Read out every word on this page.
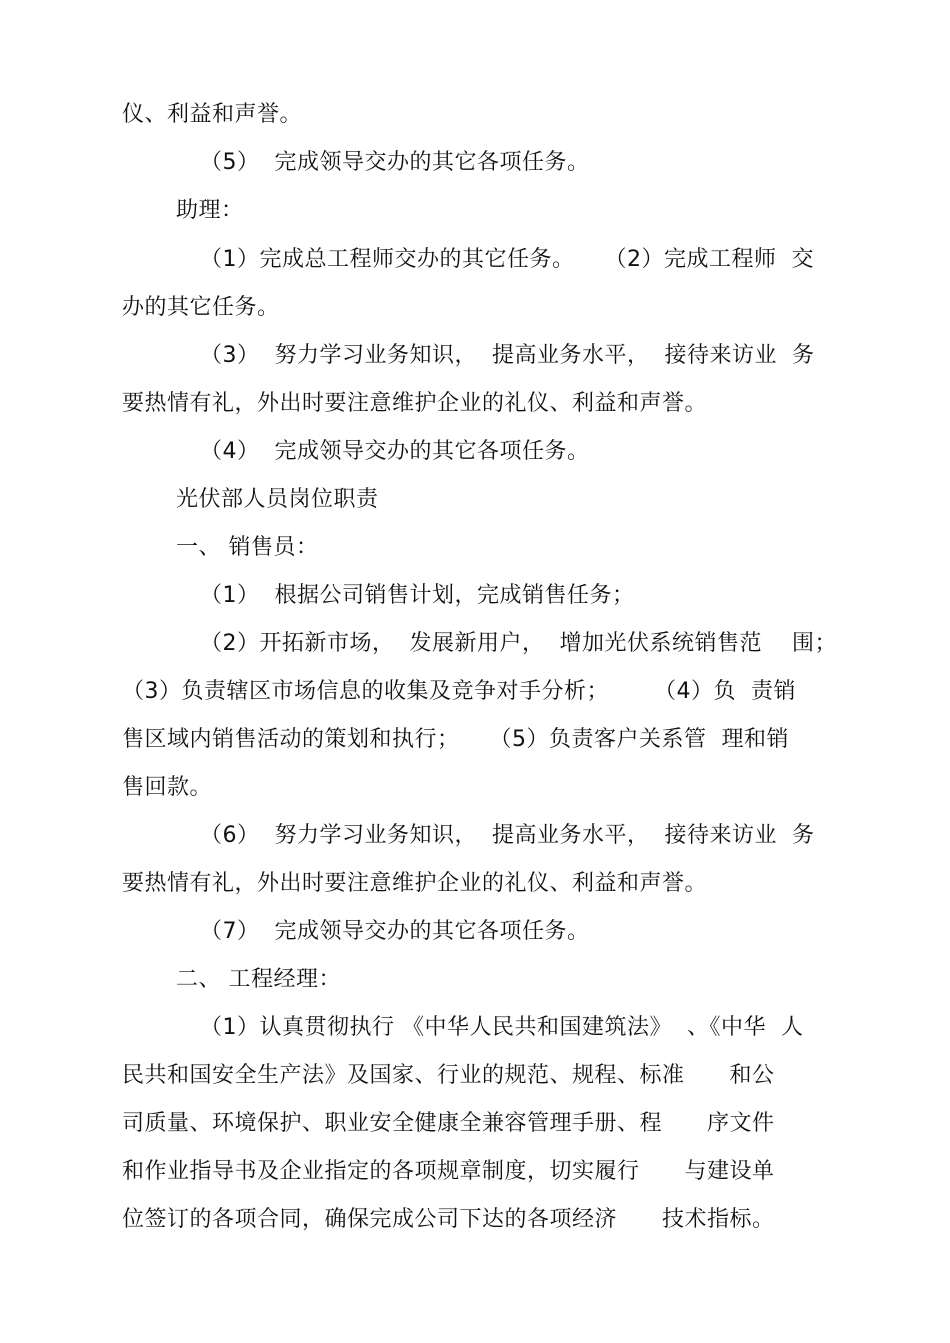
仪、利益和声誉。
（5）  完成领导交办的其它各项任务。
助理：
（1）完成总工程师交办的其它任务。    （2）完成工程师  交
办的其它任务。
（3）  努力学习业务知识，  提高业务水平，  接待来访业  务
要热情有礼，外出时要注意维护企业的礼仪、利益和声誉。
（4）  完成领导交办的其它各项任务。
光伏部人员岗位职责
一、 销售员：
（1）  根据公司销售计划，完成销售任务；
（2）开拓新市场，  发展新用户，  增加光伏系统销售范    围；
（3）负责辖区市场信息的收集及竞争对手分析；      （4）负  责销
售区域内销售活动的策划和执行；    （5）负责客户关系管  理和销
售回款。
（6）  努力学习业务知识，  提高业务水平，  接待来访业  务
要热情有礼，外出时要注意维护企业的礼仪、利益和声誉。
（7）  完成领导交办的其它各项任务。
二、 工程经理：
（1）认真贯彻执行 《中华人民共和国建筑法》  、《中华  人
民共和国安全生产法》及国家、行业的规范、规程、标准      和公
司质量、环境保护、职业安全健康全兼容管理手册、程      序文件
和作业指导书及企业指定的各项规章制度，切实履行      与建设单
位签订的各项合同，确保完成公司下达的各项经济      技术指标。
